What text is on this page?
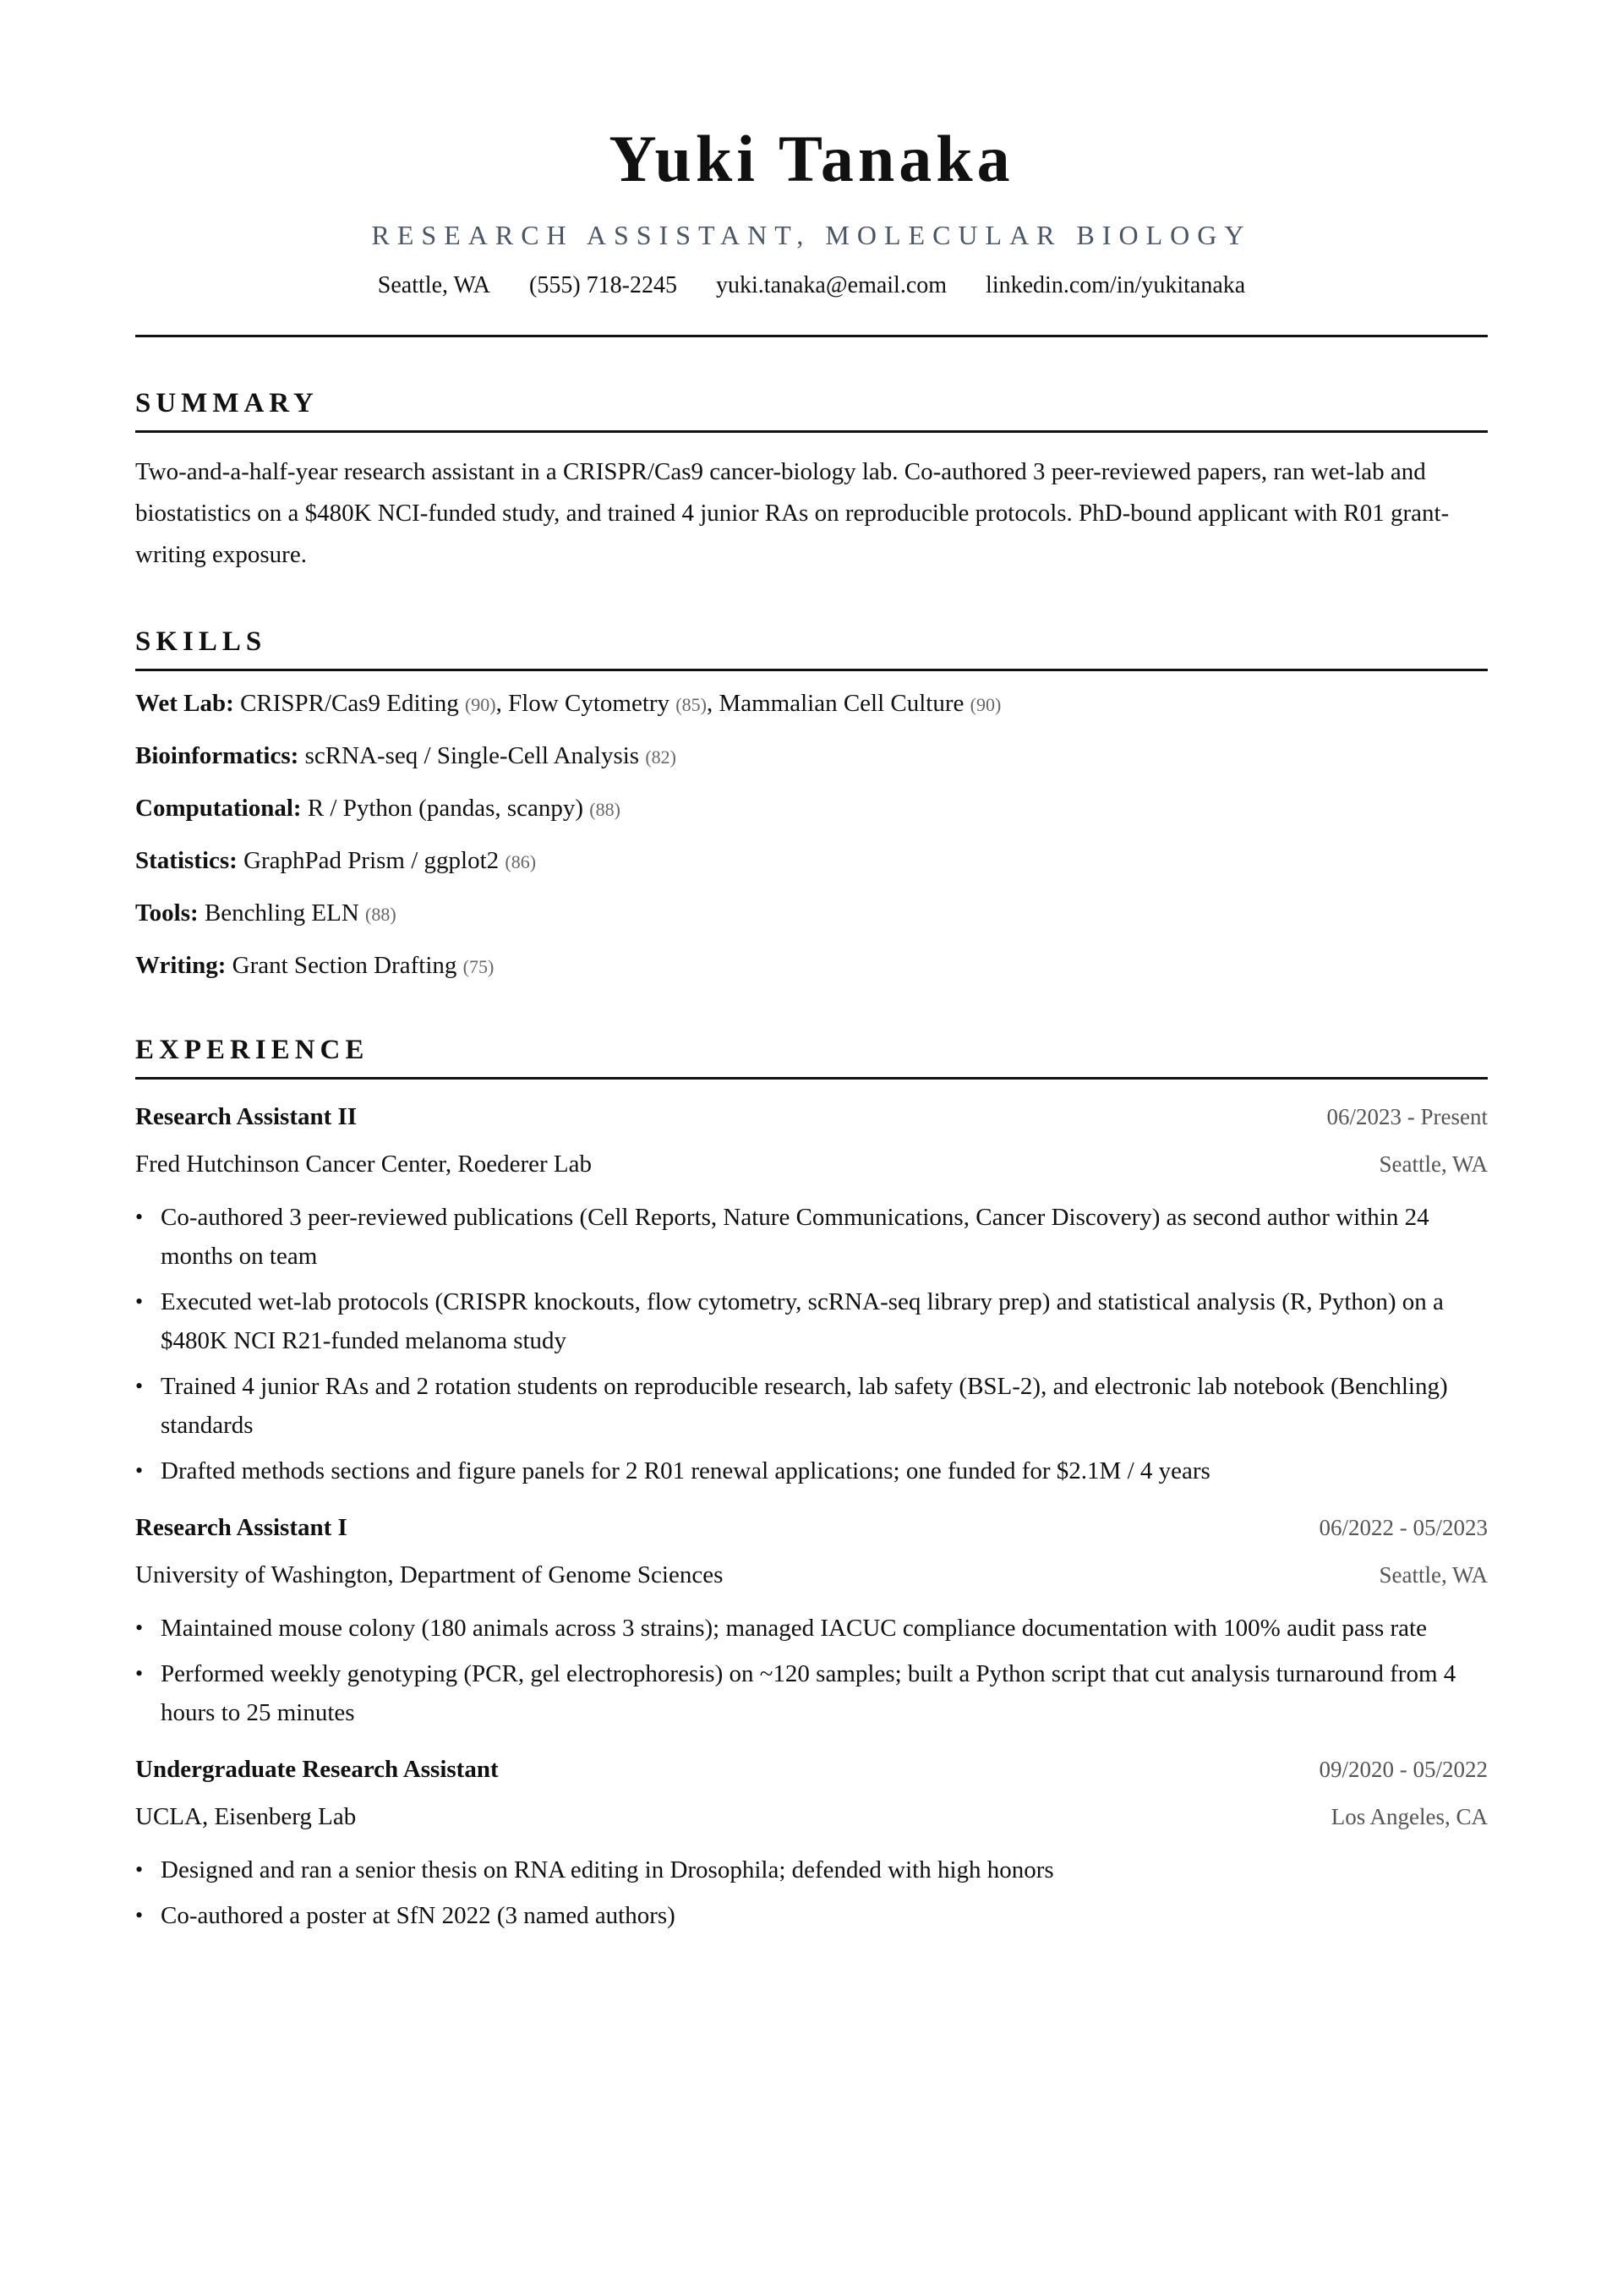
Yuki Tanaka
RESEARCH ASSISTANT, MOLECULAR BIOLOGY
Seattle, WA (555) 718-2245 yuki.tanaka@email.com linkedin.com/in/yukitanaka
SUMMARY
Two-and-a-half-year research assistant in a CRISPR/Cas9 cancer-biology lab. Co-authored 3 peer-reviewed papers, ran wet-lab and biostatistics on a $480K NCI-funded study, and trained 4 junior RAs on reproducible protocols. PhD-bound applicant with R01 grant-writing exposure.
SKILLS
Wet Lab: CRISPR/Cas9 Editing (90), Flow Cytometry (85), Mammalian Cell Culture (90)
Bioinformatics: scRNA-seq / Single-Cell Analysis (82)
Computational: R / Python (pandas, scanpy) (88)
Statistics: GraphPad Prism / ggplot2 (86)
Tools: Benchling ELN (88)
Writing: Grant Section Drafting (75)
EXPERIENCE
Research Assistant II	06/2023 - Present
Fred Hutchinson Cancer Center, Roederer Lab	Seattle, WA
• Co-authored 3 peer-reviewed publications (Cell Reports, Nature Communications, Cancer Discovery) as second author within 24 months on team
• Executed wet-lab protocols (CRISPR knockouts, flow cytometry, scRNA-seq library prep) and statistical analysis (R, Python) on a $480K NCI R21-funded melanoma study
• Trained 4 junior RAs and 2 rotation students on reproducible research, lab safety (BSL-2), and electronic lab notebook (Benchling) standards
• Drafted methods sections and figure panels for 2 R01 renewal applications; one funded for $2.1M / 4 years
Research Assistant I	06/2022 - 05/2023
University of Washington, Department of Genome Sciences	Seattle, WA
• Maintained mouse colony (180 animals across 3 strains); managed IACUC compliance documentation with 100% audit pass rate
• Performed weekly genotyping (PCR, gel electrophoresis) on ~120 samples; built a Python script that cut analysis turnaround from 4 hours to 25 minutes
Undergraduate Research Assistant	09/2020 - 05/2022
UCLA, Eisenberg Lab	Los Angeles, CA
• Designed and ran a senior thesis on RNA editing in Drosophila; defended with high honors
• Co-authored a poster at SfN 2022 (3 named authors)
